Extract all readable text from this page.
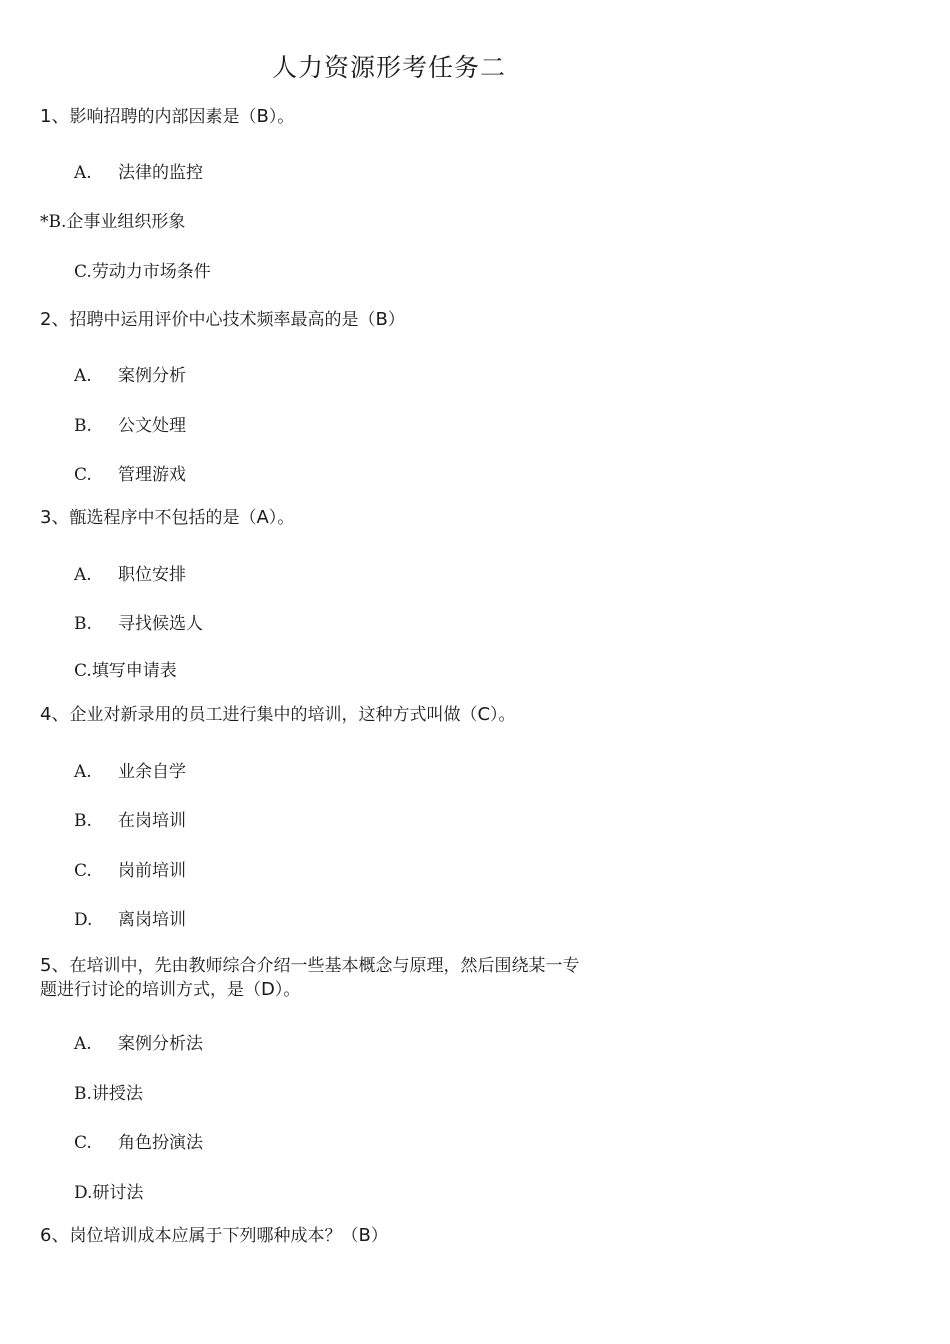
人力资源形考任务二
1、影响招聘的内部因素是（B）。
A. 法律的监控
*B.企事业组织形象
C.劳动力市场条件
2、招聘中运用评价中心技术频率最高的是（B）
A. 案例分析
B. 公文处理
C. 管理游戏
3、甑选程序中不包括的是（A）。
A. 职位安排
B. 寻找候选人
C.填写申请表
4、企业对新录用的员工进行集中的培训，这种方式叫做（C）。
A. 业余自学
B. 在岗培训
C. 岗前培训
D. 离岗培训
5、在培训中，先由教师综合介绍一些基本概念与原理，然后围绕某一专题进行讨论的培训方式，是（D）。
A. 案例分析法
B.讲授法
C. 角色扮演法
D.研讨法
6、岗位培训成本应属于下列哪种成本？（B）
